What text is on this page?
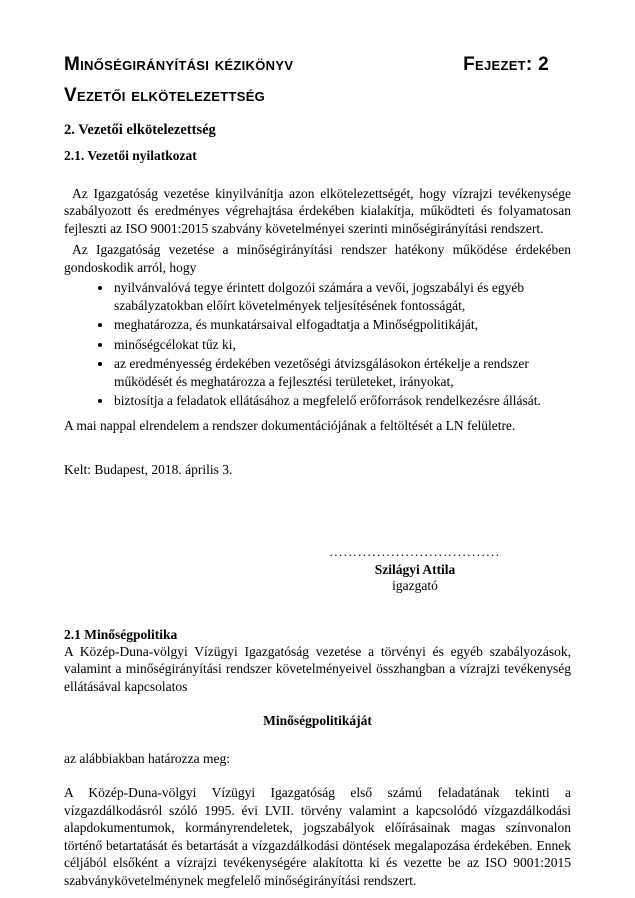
Minőségirányítási kézikönyv	Fejezet: 2
Vezetői elkötelezettség
2. Vezetői elkötelezettség
2.1. Vezetői nyilatkozat

Az Igazgatóság vezetése kinyilvánítja azon elkötelezettségét, hogy vízrajzi tevékenysége szabályozott és eredményes végrehajtása érdekében kialakítja, működteti és folyamatosan fejleszti az ISO 9001:2015 szabvány követelményei szerinti minőségirányítási rendszert.

Az Igazgatóság vezetése a minőségirányítási rendszer hatékony működése érdekében gondoskodik arról, hogy

• nyilvánvalóvá tegye érintett dolgozói számára a vevői, jogszabályi és egyéb szabályzatokban előírt követelmények teljesítésének fontosságát,
• meghatározza, és munkatársaival elfogadtatja a Minőségpolitikáját,
• minőségcélokat tűz ki,
• az eredményesség érdekében vezetőségi átvizsgálásokon értékelje a rendszer működését és meghatározza a fejlesztési területeket, irányokat,
• biztosítja a feladatok ellátásához a megfelelő erőforrások rendelkezésre állását.

A mai nappal elrendelem a rendszer dokumentációjának a feltöltését a LN felületre.

Kelt: Budapest, 2018. április 3.

....................................
Szilágyi Attila
igazgató
2.1 Minőségpolitika

A Közép-Duna-völgyi Vízügyi Igazgatóság vezetése a törvényi és egyéb szabályozások, valamint a minőségirányítási rendszer követelményeivel összhangban a vízrajzi tevékenység ellátásával kapcsolatos

Minőségpolitikáját

az alábbiakban határozza meg:

A Közép-Duna-völgyi Vízügyi Igazgatóság első számú feladatának tekinti a vízgazdálkodásról szóló 1995. évi LVII. törvény valamint a kapcsolódó vízgazdálkodási alapdokumentumok, kormányrendeletek, jogszabályok előírásainak magas színvonalon történő betartatását és betartását a vízgazdálkodási döntések megalapozása érdekében. Ennek céljából elsőként a vízrajzi tevékenységére alakította ki és vezette be az ISO 9001:2015 szabványkövetelménynek megfelelő minőségirányítási rendszert.
